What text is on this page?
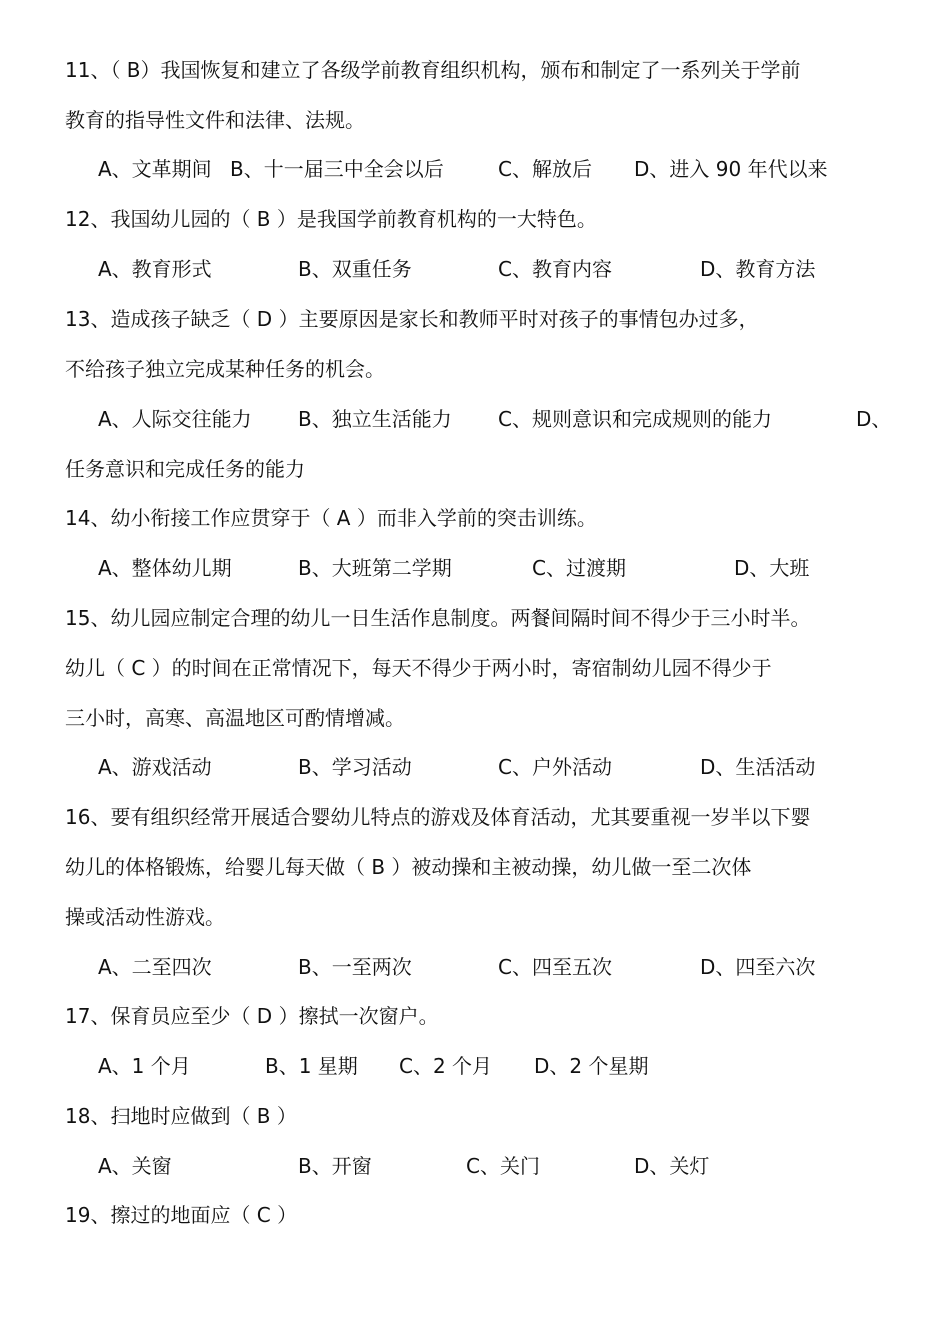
11、（ B）我国恢复和建立了各级学前教育组织机构，颁布和制定了一系列关于学前
教育的指导性文件和法律、法规。
A、文革期间 B、十一届三中全会以后	C、解放后 D、进入 90 年代以来
12、我国幼儿园的（ B ）是我国学前教育机构的一大特色。
A、教育形式	B、双重任务	C、教育内容	D、教育方法
13、造成孩子缺乏（ D ）主要原因是家长和教师平时对孩子的事情包办过多，
不给孩子独立完成某种任务的机会。
A、人际交往能力 B、独立生活能力 C、规则意识和完成规则的能力	D、
任务意识和完成任务的能力
14、幼小衔接工作应贯穿于（ A ）而非入学前的突击训练。
A、整体幼儿期	B、大班第二学期	C、过渡期	D、大班
15、幼儿园应制定合理的幼儿一日生活作息制度。两餐间隔时间不得少于三小时半。
幼儿（ C ）的时间在正常情况下，每天不得少于两小时，寄宿制幼儿园不得少于
三小时，高寒、高温地区可酌情增减。
A、游戏活动	B、学习活动	C、户外活动	D、生活活动
16、要有组织经常开展适合婴幼儿特点的游戏及体育活动，尤其要重视一岁半以下婴
幼儿的体格锻炼，给婴儿每天做（ B ）被动操和主被动操，幼儿做一至二次体
操或活动性游戏。
A、二至四次	B、一至两次	C、四至五次	D、四至六次
17、保育员应至少（ D ）擦拭一次窗户。
A、1 个月	B、1 星期 C、2 个月 D、2 个星期
18、扫地时应做到（ B ）
A、关窗	B、开窗	C、关门	D、关灯
19、擦过的地面应（ C ）
